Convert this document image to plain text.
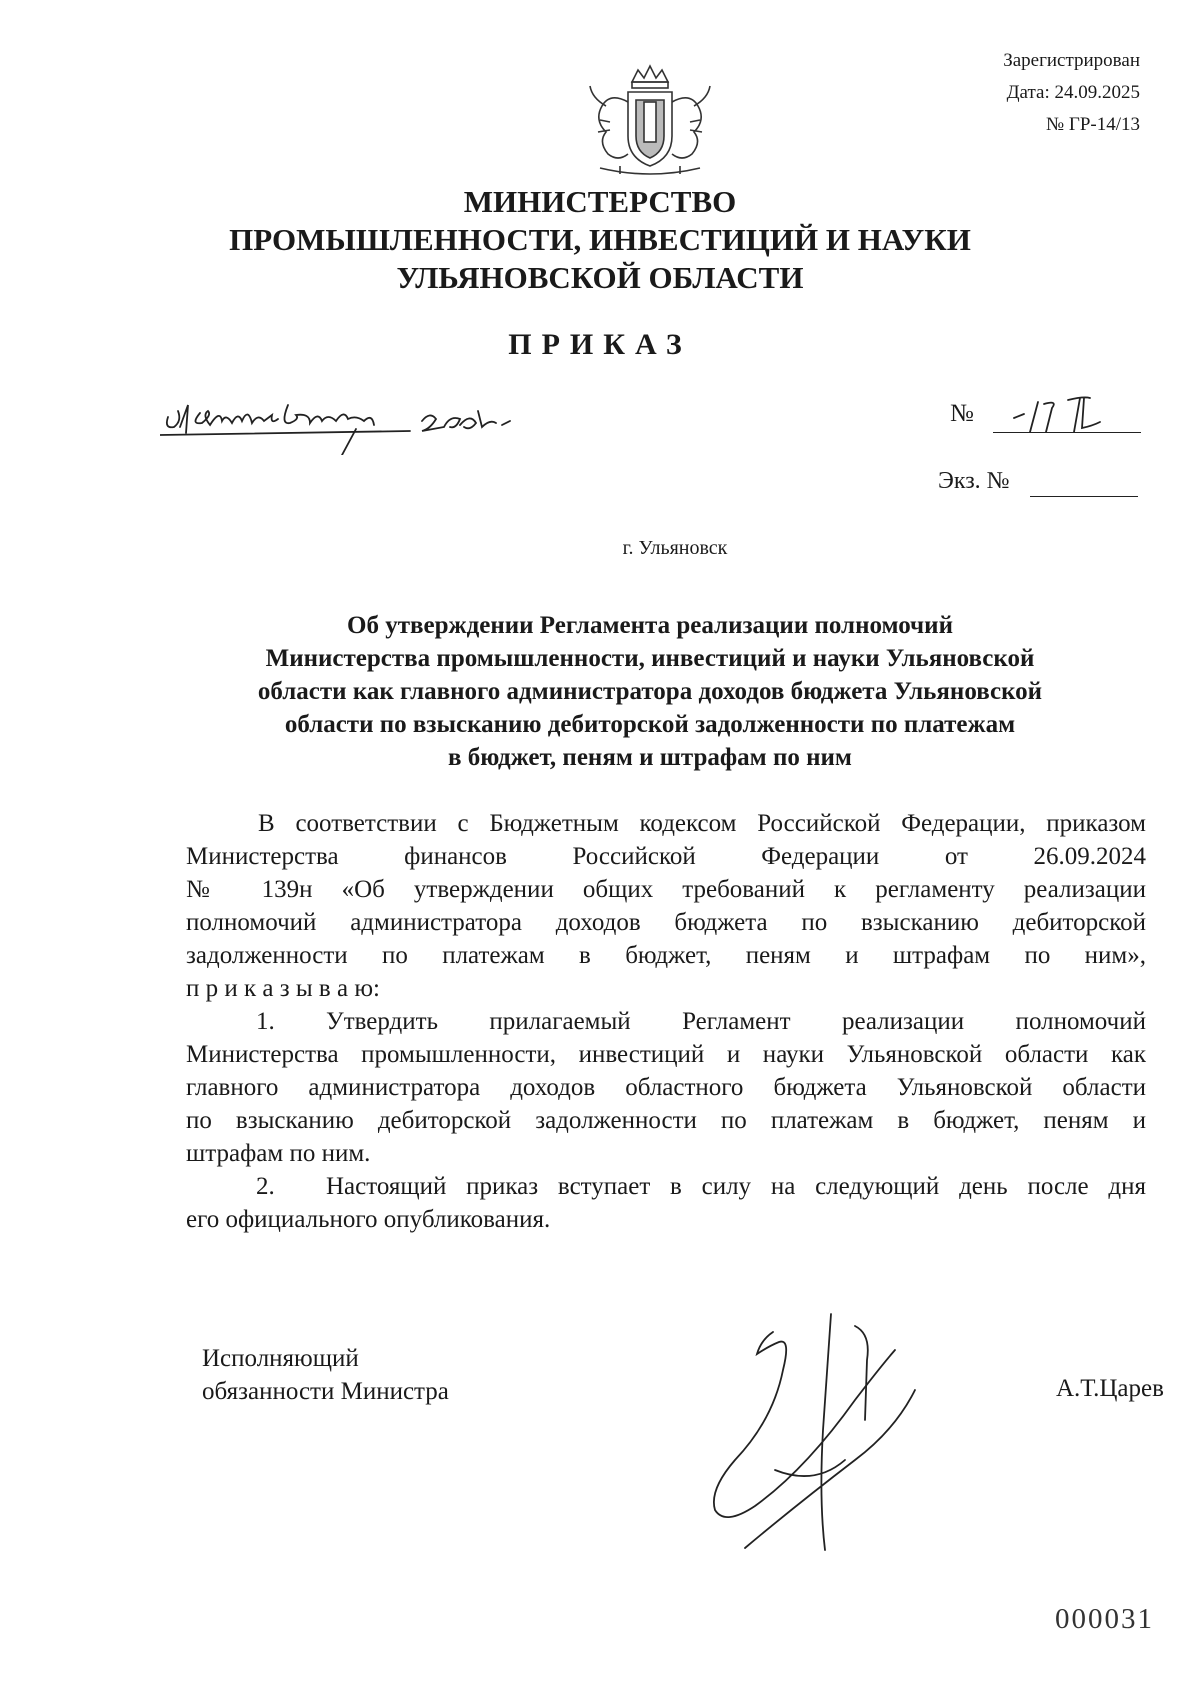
Зарегистрирован
Дата: 24.09.2025
№ ГР-14/13
МИНИСТЕРСТВО
ПРОМЫШЛЕННОСТИ, ИНВЕСТИЦИЙ И НАУКИ
УЛЬЯНОВСКОЙ ОБЛАСТИ
ПРИКАЗ
№
Экз. №
г. Ульяновск
Об утверждении Регламента реализации полномочий
Министерства промышленности, инвестиций и науки Ульяновской
области как главного администратора доходов бюджета Ульяновской
области по взысканию дебиторской задолженности по платежам
в бюджет, пеням и штрафам по ним

В соответствии с Бюджетным кодексом Российской Федерации, приказом

Министерства финансов Российской Федерации от 26.09.2024

№ 139н «Об утверждении общих требований к регламенту реализации

полномочий администратора доходов бюджета по взысканию дебиторской

задолженности по платежам в бюджет, пеням и штрафам по ним»,

п р и к а з ы в а ю:

1. Утвердить прилагаемый Регламент реализации полномочий

Министерства промышленности, инвестиций и науки Ульяновской области как

главного администратора доходов областного бюджета Ульяновской области

по взысканию дебиторской задолженности по платежам в бюджет, пеням и

штрафам по ним.

2. Настоящий приказ вступает в силу на следующий день после дня

его официального опубликования.

Исполняющий
обязанности Министра	А.Т.Царев
000031
